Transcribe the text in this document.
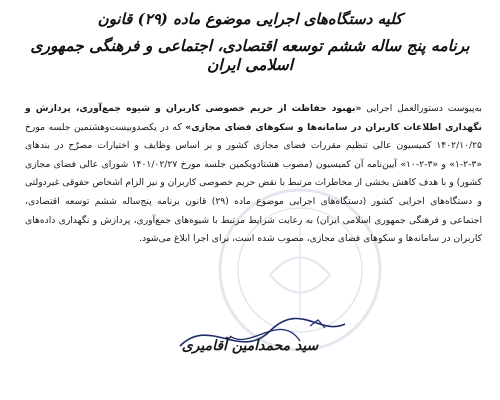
کلیه دستگاه‌های اجرایی موضوع ماده (۲۹) قانون
برنامه پنج ساله ششم توسعه اقتصادی، اجتماعی و فرهنگی جمهوری اسلامی ایران
به‌پیوست دستورالعمل اجرایی «بهبود حفاظت از حریم خصوصی کاربران و شیوه جمع‌آوری، پردازش و نگهداری اطلاعات کاربران در سامانه‌ها و سکوهای فضای مجازی» که در یکصدوبیست‌وهشتمین جلسه مورخ ۱۴۰۲/۱۰/۲۵ کمیسیون عالی تنظیم مقررات فضای مجازی کشور و بر اساس وظایف و اختیارات مصرّح در بندهای «۳-۲-۱» و «۳-۲-۱۰» آیین‌نامه آن کمیسیون (مصوب هشتادویکمین جلسه مورخ ۱۴۰۱/۰۲/۲۷ شورای عالی فضای مجازی کشور) و با هدف کاهش بخشی از مخاطرات مرتبط با نقض حریم خصوصی کاربران و نیز الزام اشخاص حقوقی غیردولتی و دستگاه‌های اجرایی کشور (دستگاه‌های اجرایی موضوع ماده (۲۹) قانون برنامه پنج‌ساله ششم توسعه اقتصادی، اجتماعی و فرهنگی جمهوری اسلامی ایران) به رعایت شرایط مرتبط با شیوه‌های جمع‌آوری، پردازش و نگهداری داده‌های کاربران در سامانه‌ها و سکوهای فضای مجازی، مصوب شده است، برای اجرا ابلاغ می‌شود.
سید محمدامین آقامیری
